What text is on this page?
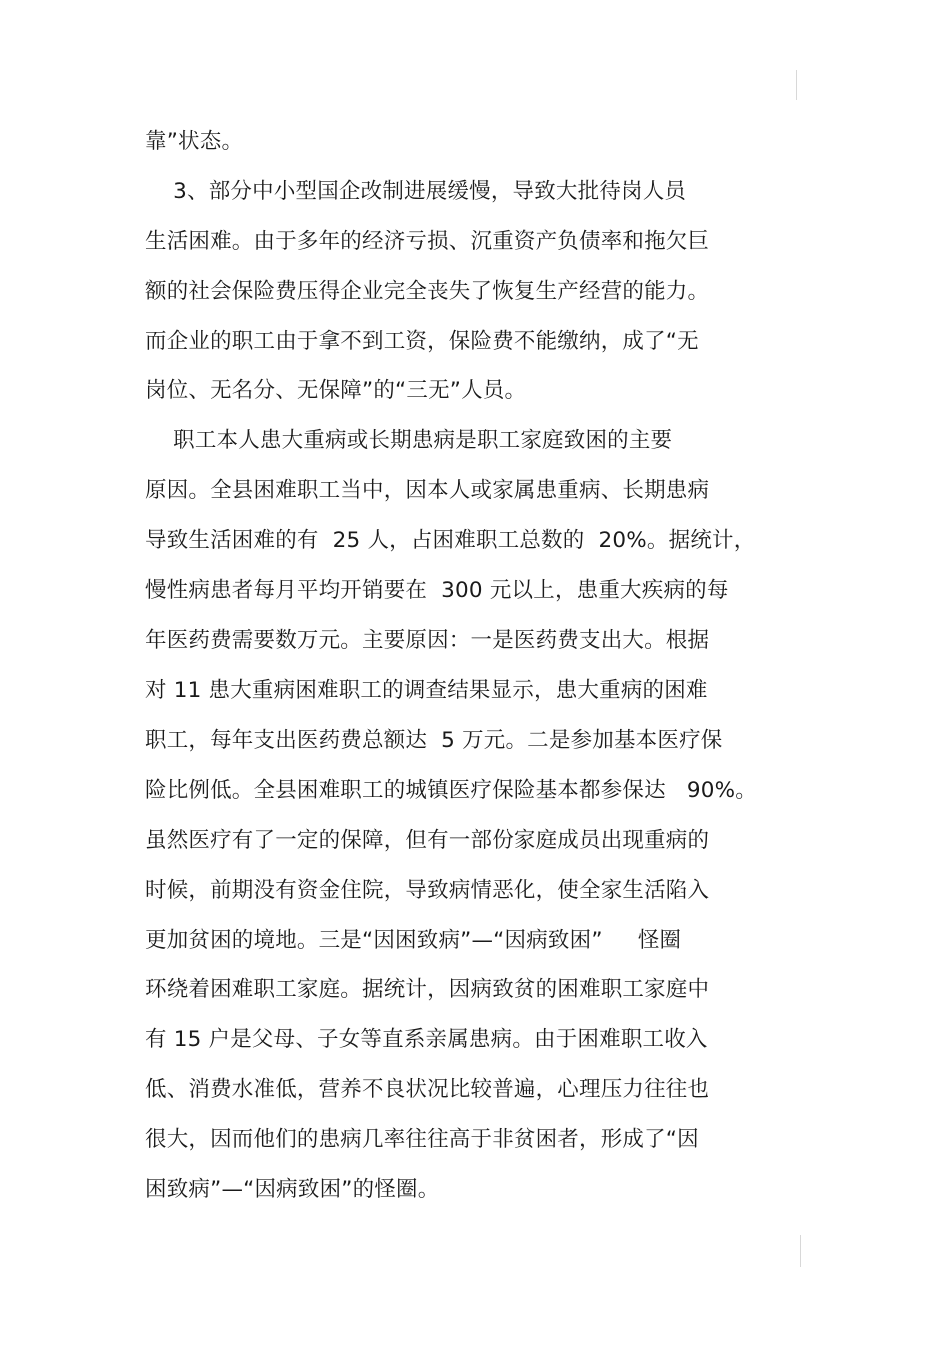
靠”状态。
3、部分中小型国企改制进展缓慢，导致大批待岗人员
生活困难。由于多年的经济亏损、沉重资产负债率和拖欠巨
额的社会保险费压得企业完全丧失了恢复生产经营的能力。
而企业的职工由于拿不到工资，保险费不能缴纳，成了“无
岗位、无名分、无保障”的“三无”人员。
职工本人患大重病或长期患病是职工家庭致困的主要
原因。全县困难职工当中，因本人或家属患重病、长期患病
导致生活困难的有  25 人，占困难职工总数的  20%。据统计，
慢性病患者每月平均开销要在  300 元以上，患重大疾病的每
年医药费需要数万元。主要原因：一是医药费支出大。根据
对 11 患大重病困难职工的调查结果显示，患大重病的困难
职工，每年支出医药费总额达  5 万元。二是参加基本医疗保
险比例低。全县困难职工的城镇医疗保险基本都参保达   90%。
虽然医疗有了一定的保障，但有一部份家庭成员出现重病的
时候，前期没有资金住院，导致病情恶化，使全家生活陷入
更加贫困的境地。三是“因困致病”—“因病致困”     怪圈
环绕着困难职工家庭。据统计，因病致贫的困难职工家庭中
有 15 户是父母、子女等直系亲属患病。由于困难职工收入
低、消费水准低，营养不良状况比较普遍，心理压力往往也
很大，因而他们的患病几率往往高于非贫困者，形成了“因
困致病”—“因病致困”的怪圈。
